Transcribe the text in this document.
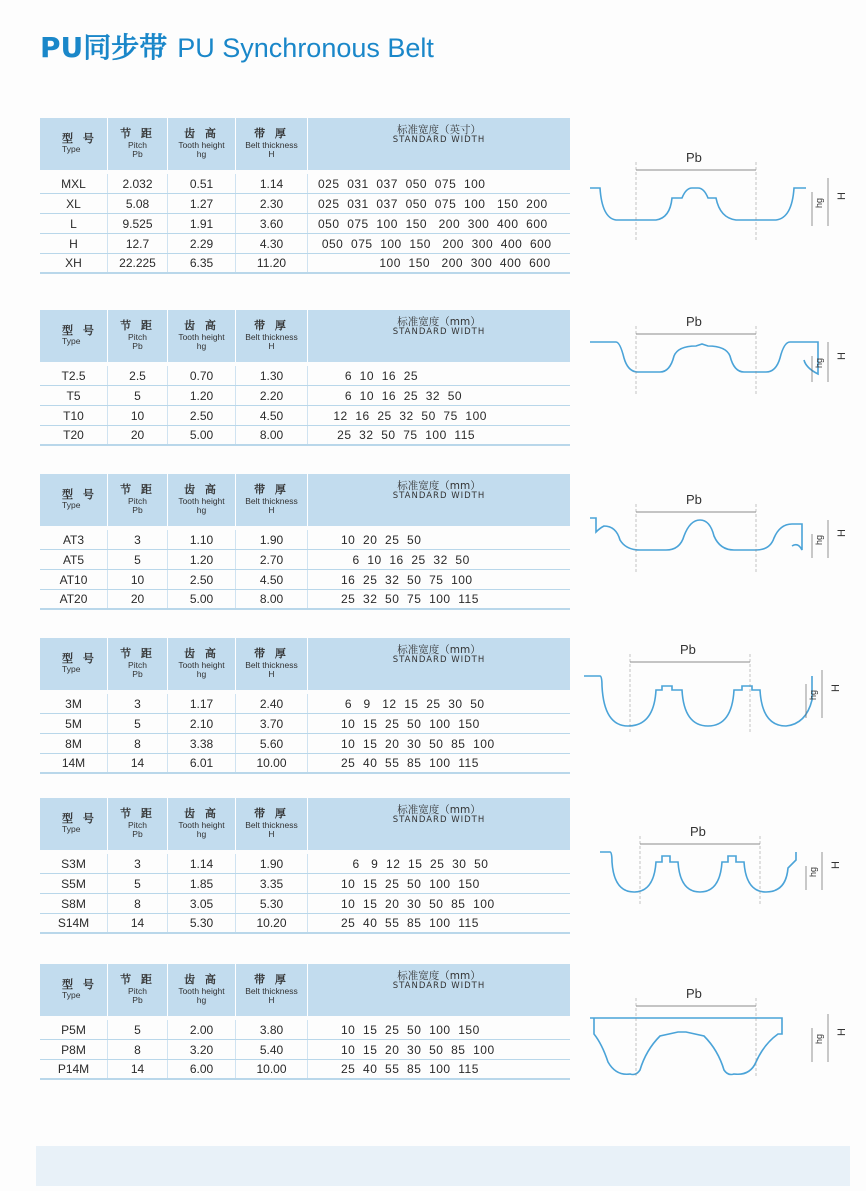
PU同步带 PU Synchronous Belt
型 号
Type
节 距
Pitch
Pb
齿 高
Tooth height
hg
带 厚
Belt thickness
H
标准宽度（英寸）
STANDARD WIDTH
MXL	2.032	0.51	1.14	025  031  037  050  075  100
XL	5.08	1.27	2.30	025  031  037  050  075  100   150  200
L	9.525	1.91	3.60	050  075  100  150   200  300  400  600
H	12.7	2.29	4.30	050  075  100  150   200  300  400  600
XH	22.225	6.35	11.20	100  150   200  300  400  600
Pb
H
hg
型 号
Type
节 距
Pitch
Pb
齿 高
Tooth height
hg
带 厚
Belt thickness
H
标准宽度（mm）
STANDARD WIDTH
T2.5	2.5	0.70	1.30	6  10  16  25
T5	5	1.20	2.20	6  10  16  25  32  50
T10	10	2.50	4.50	12  16  25  32  50  75  100
T20	20	5.00	8.00	25  32  50  75  100  115
Pb
H
hg
型 号
Type
节 距
Pitch
Pb
齿 高
Tooth height
hg
带 厚
Belt thickness
H
标准宽度（mm）
STANDARD WIDTH
AT3	3	1.10	1.90	10  20  25  50
AT5	5	1.20	2.70	6  10  16  25  32  50
AT10	10	2.50	4.50	16  25  32  50  75  100
AT20	20	5.00	8.00	25  32  50  75  100  115
Pb
H
hg
型 号
Type
节 距
Pitch
Pb
齿 高
Tooth height
hg
带 厚
Belt thickness
H
标准宽度（mm）
STANDARD WIDTH
3M	3	1.17	2.40	6   9   12  15  25  30  50
5M	5	2.10	3.70	10  15  25  50  100  150
8M	8	3.38	5.60	10  15  20  30  50  85  100
14M	14	6.01	10.00	25  40  55  85  100  115
Pb
H
hg
型 号
Type
节 距
Pitch
Pb
齿 高
Tooth height
hg
带 厚
Belt thickness
H
标准宽度（mm）
STANDARD WIDTH
S3M	3	1.14	1.90	6   9  12  15  25  30  50
S5M	5	1.85	3.35	10  15  25  50  100  150
S8M	8	3.05	5.30	10  15  20  30  50  85  100
S14M	14	5.30	10.20	25  40  55  85  100  115
Pb
H
hg
型 号
Type
节 距
Pitch
Pb
齿 高
Tooth height
hg
带 厚
Belt thickness
H
标准宽度（mm）
STANDARD WIDTH
P5M	5	2.00	3.80	10  15  25  50  100  150
P8M	8	3.20	5.40	10  15  20  30  50  85  100
P14M	14	6.00	10.00	25  40  55  85  100  115
Pb
H
hg
